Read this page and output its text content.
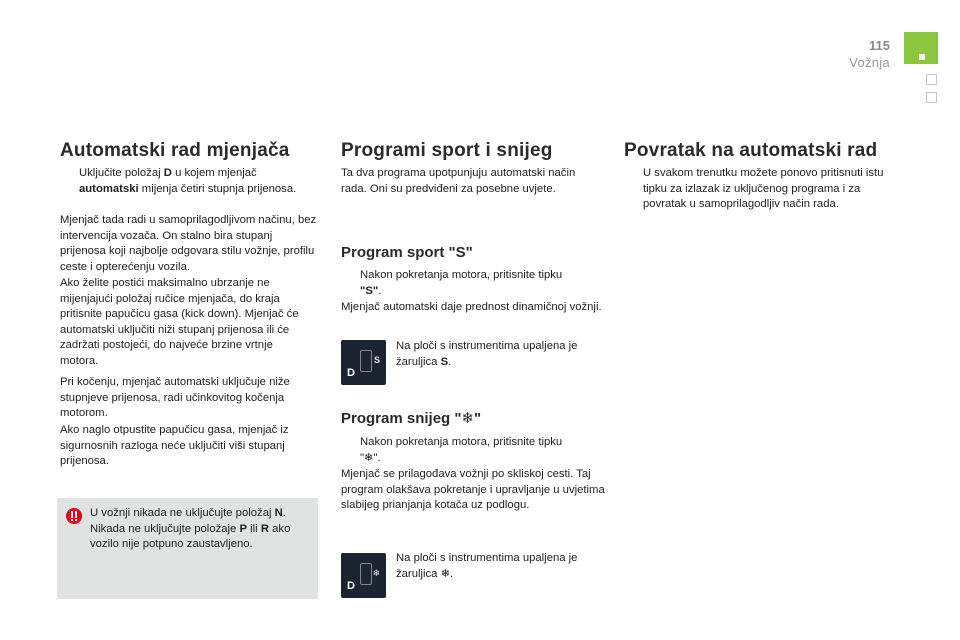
115
Vožnja
Automatski rad mjenjača
Uključite položaj D u kojem mjenjač automatski mijenja četiri stupnja prijenosa.
Mjenjač tada radi u samoprilagodljivom načinu, bez intervencija vozača. On stalno bira stupanj prijenosa koji najbolje odgovara stilu vožnje, profilu ceste i opterećenju vozila.
Ako želite postići maksimalno ubrzanje ne mijenjajući položaj ručice mjenjača, do kraja pritisnite papučicu gasa (kick down). Mjenjač će automatski uključiti niži stupanj prijenosa ili će zadržati postojeći, do najveće brzine vrtnje motora.
Pri kočenju, mjenjač automatski uključuje niže stupnjeve prijenosa, radi učinkovitog kočenja motorom.
Ako naglo otpustite papučicu gasa, mjenjač iz sigurnosnih razloga neće uključiti viši stupanj prijenosa.
U vožnji nikada ne uključujte položaj N. Nikada ne uključujte položaje P ili R ako vozilo nije potpuno zaustavljeno.
Programi sport i snijeg
Ta dva programa upotpunjuju automatski način rada. Oni su predviđeni za posebne uvjete.
Program sport "S"
Nakon pokretanja motora, pritisnite tipku "S".
Mjenjač automatski daje prednost dinamičnoj vožnji.
D
S
Na ploči s instrumentima upaljena je žaruljica S.
Program snijeg "❄"
Nakon pokretanja motora, pritisnite tipku "❄".
Mjenjač se prilagođava vožnji po skliskoj cesti. Taj program olakšava pokretanje i upravljanje u uvjetima slabijeg prianjanja kotača uz podlogu.
D
❄
Na ploči s instrumentima upaljena je žaruljica ❄.
Povratak na automatski rad
U svakom trenutku možete ponovo pritisnuti istu tipku za izlazak iz uključenog programa i za povratak u samoprilagodljiv način rada.
